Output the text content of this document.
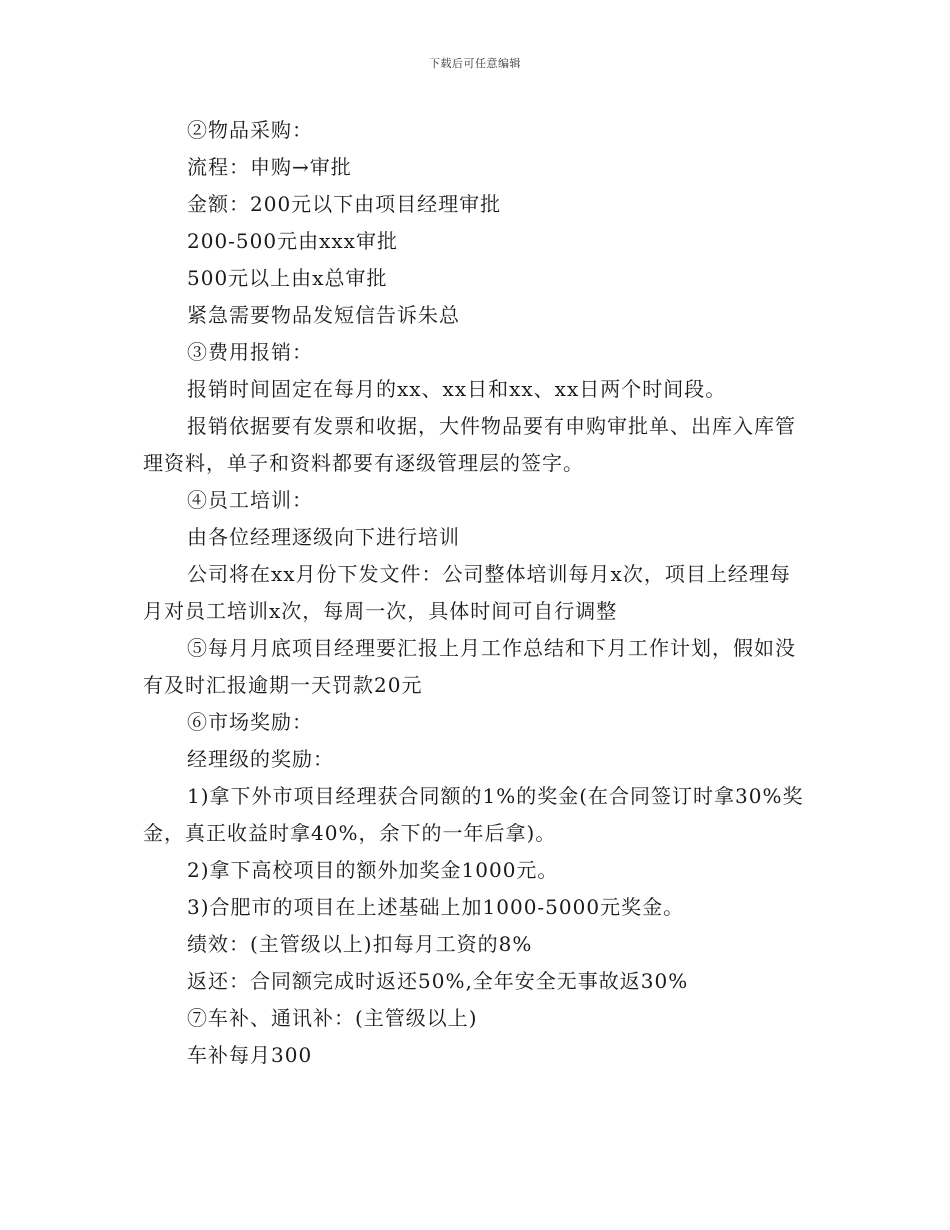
下载后可任意编辑

②物品采购：

流程：申购→审批

金额：200元以下由项目经理审批

200-500元由xxx审批

500元以上由x总审批

紧急需要物品发短信告诉朱总

③费用报销：

报销时间固定在每月的xx、xx日和xx、xx日两个时间段。

报销依据要有发票和收据，大件物品要有申购审批单、出库入库管理资料，单子和资料都要有逐级管理层的签字。

④员工培训：

由各位经理逐级向下进行培训

公司将在xx月份下发文件：公司整体培训每月x次，项目上经理每月对员工培训x次，每周一次，具体时间可自行调整

⑤每月月底项目经理要汇报上月工作总结和下月工作计划，假如没有及时汇报逾期一天罚款20元

⑥市场奖励：

经理级的奖励：

1)拿下外市项目经理获合同额的1%的奖金(在合同签订时拿30%奖金，真正收益时拿40%，余下的一年后拿)。

2)拿下高校项目的额外加奖金1000元。

3)合肥市的项目在上述基础上加1000-5000元奖金。

绩效：(主管级以上)扣每月工资的8%

返还：合同额完成时返还50%,全年安全无事故返30%

⑦车补、通讯补：(主管级以上)

车补每月300
